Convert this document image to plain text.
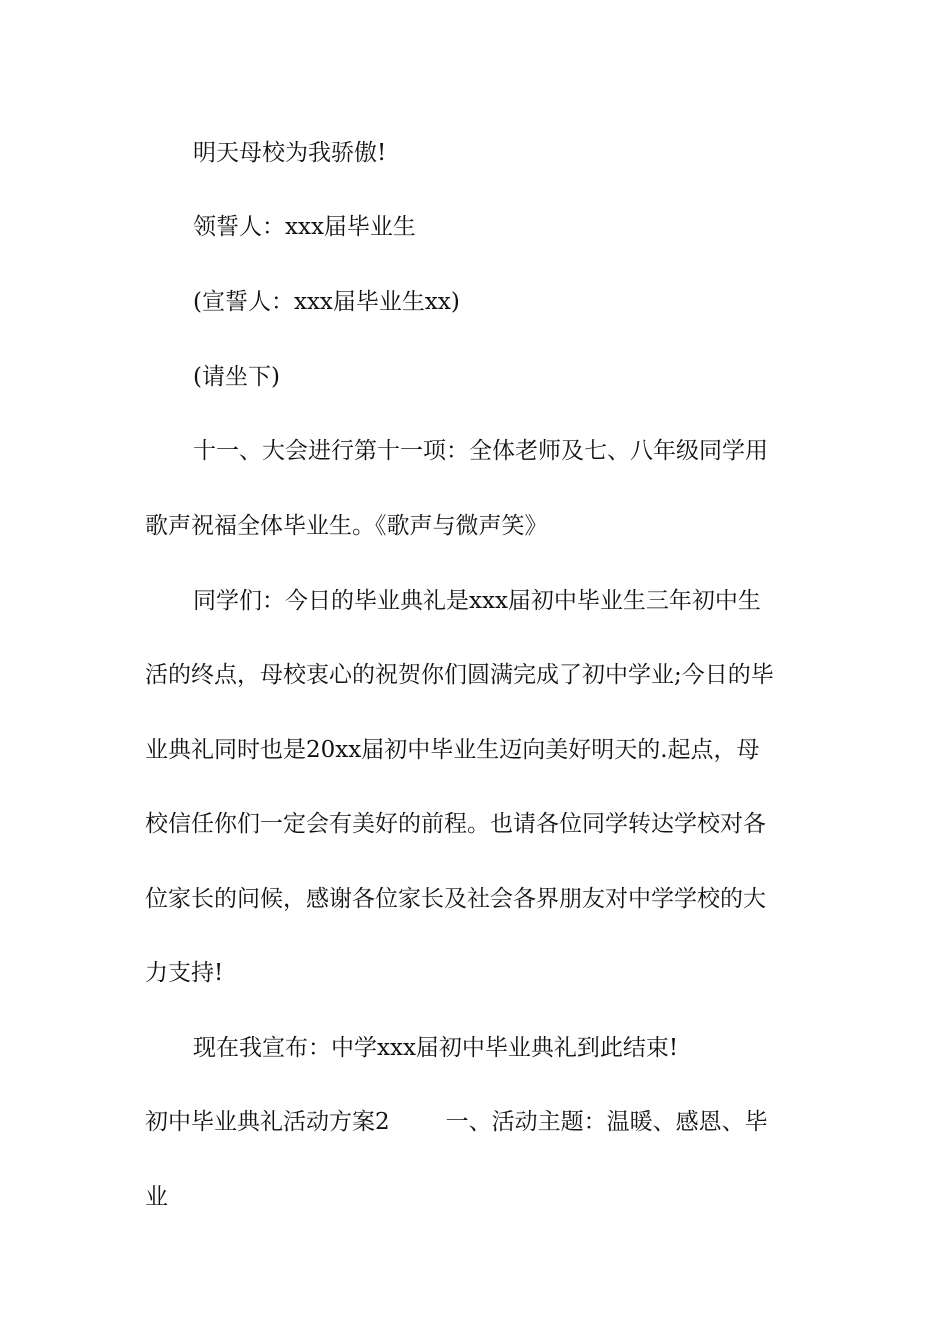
明天母校为我骄傲!
领誓人：xxx届毕业生
(宣誓人：xxx届毕业生xx)
(请坐下)
十一、大会进行第十一项：全体老师及七、八年级同学用
歌声祝福全体毕业生。《歌声与微声笑》
同学们：今日的毕业典礼是xxx届初中毕业生三年初中生
活的终点，母校衷心的祝贺你们圆满完成了初中学业;今日的毕
业典礼同时也是20xx届初中毕业生迈向美好明天的.起点，母
校信任你们一定会有美好的前程。也请各位同学转达学校对各
位家长的问候，感谢各位家长及社会各界朋友对中学学校的大
力支持!
现在我宣布：中学xxx届初中毕业典礼到此结束!
初中毕业典礼活动方案2 一、活动主题：温暖、感恩、毕
业
